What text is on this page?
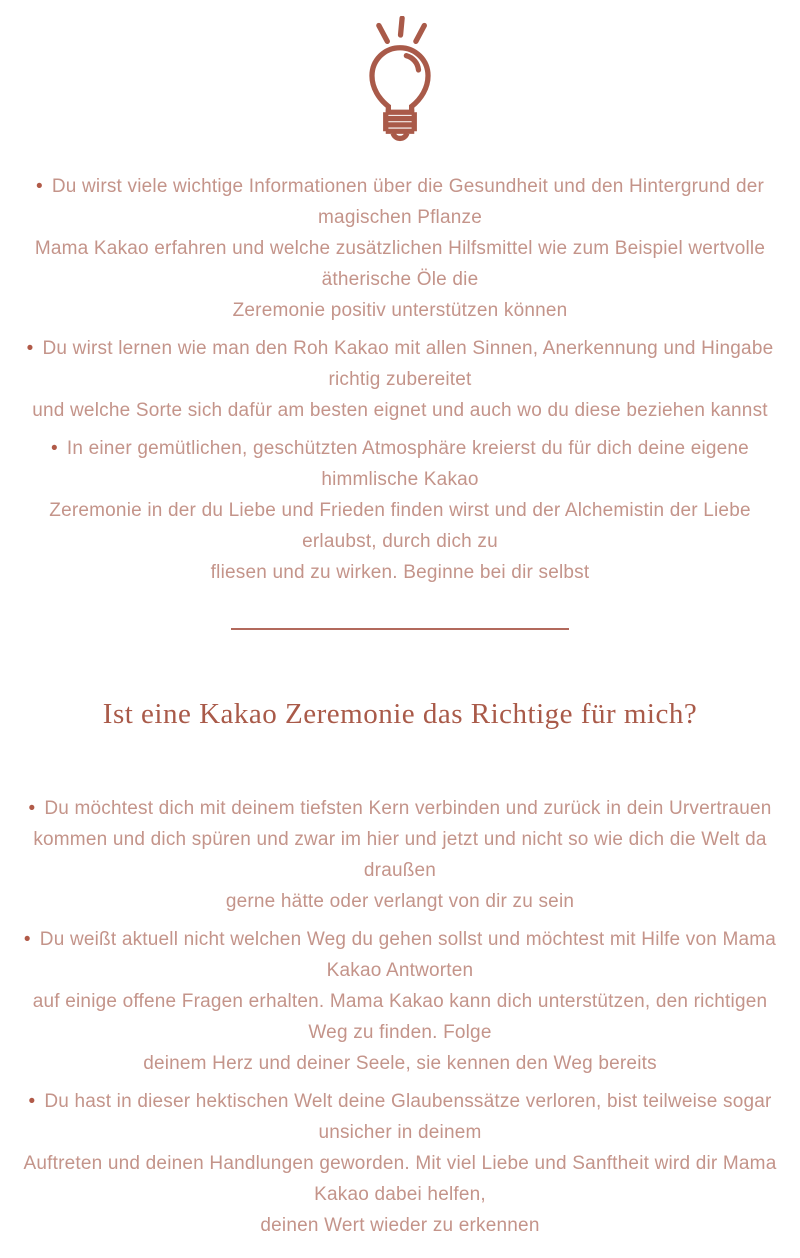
• Du wirst viele wichtige Informationen über die Gesundheit und den Hintergrund der magischen Pflanze
Mama Kakao erfahren und welche zusätzlichen Hilfsmittel wie zum Beispiel wertvolle ätherische Öle die
Zeremonie positiv unterstützen können

• Du wirst lernen wie man den Roh Kakao mit allen Sinnen, Anerkennung und Hingabe richtig zubereitet
und welche Sorte sich dafür am besten eignet und auch wo du diese beziehen kannst

• In einer gemütlichen, geschützten Atmosphäre kreierst du für dich deine eigene himmlische Kakao
Zeremonie in der du Liebe und Frieden finden wirst und der Alchemistin der Liebe erlaubst, durch dich zu
fliesen und zu wirken. Beginne bei dir selbst

Ist eine Kakao Zeremonie das Richtige für mich?

• Du möchtest dich mit deinem tiefsten Kern verbinden und zurück in dein Urvertrauen
kommen und dich spüren und zwar im hier und jetzt und nicht so wie dich die Welt da draußen
gerne hätte oder verlangt von dir zu sein

• Du weißt aktuell nicht welchen Weg du gehen sollst und möchtest mit Hilfe von Mama Kakao Antworten
auf einige offene Fragen erhalten. Mama Kakao kann dich unterstützen, den richtigen Weg zu finden. Folge
deinem Herz und deiner Seele, sie kennen den Weg bereits

• Du hast in dieser hektischen Welt deine Glaubenssätze verloren, bist teilweise sogar unsicher in deinem
Auftreten und deinen Handlungen geworden. Mit viel Liebe und Sanftheit wird dir Mama Kakao dabei helfen,
deinen Wert wieder zu erkennen
